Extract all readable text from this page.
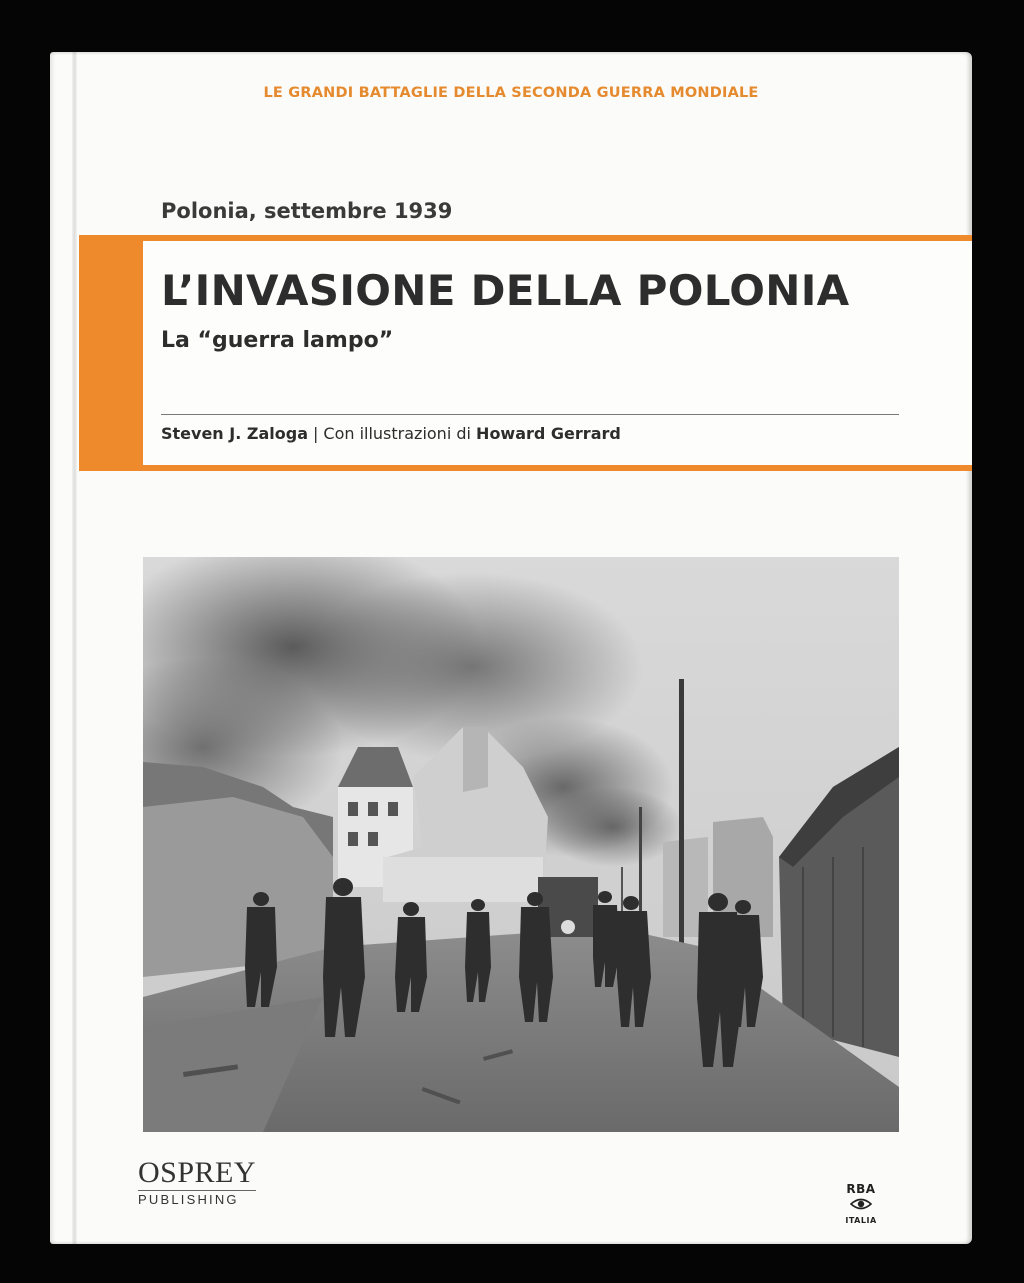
LE GRANDI BATTAGLIE DELLA SECONDA GUERRA MONDIALE
Polonia, settembre 1939
L’INVASIONE DELLA POLONIA
La “guerra lampo”
Steven J. Zaloga | Con illustrazioni di Howard Gerrard
OSPREY
PUBLISHING
RBA
ITALIA
